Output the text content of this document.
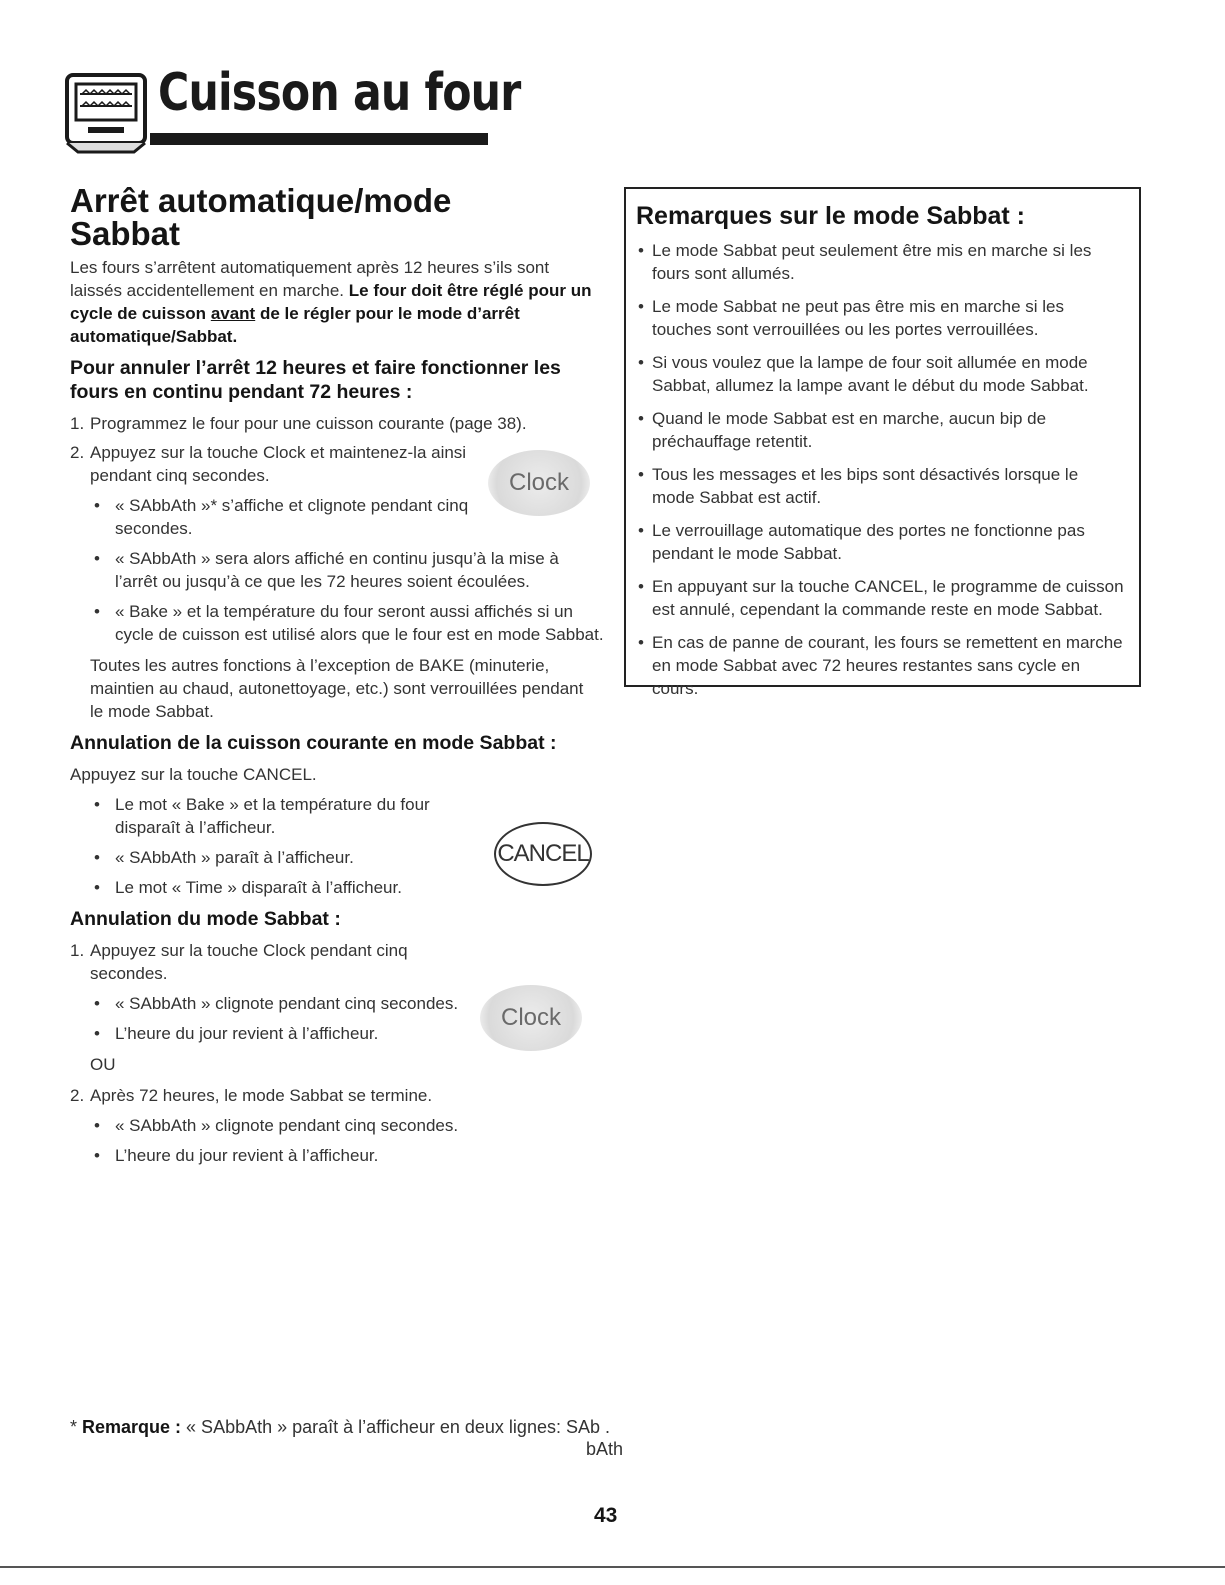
Cuisson au four
Arrêt automatique/mode Sabbat

Les fours s’arrêtent automatiquement après 12 heures s’ils sont laissés accidentellement en marche. Le four doit être réglé pour un cycle de cuisson avant de le régler pour le mode d’arrêt automatique/Sabbat.

Pour annuler l’arrêt 12 heures et faire fonctionner les fours en continu pendant 72 heures :
1. Programmez le four pour une cuisson courante (page 38).
2. Appuyez sur la touche Clock et maintenez-la ainsi pendant cinq secondes.
• « SAbbAth »* s’affiche et clignote pendant cinq secondes.
• « SAbbAth » sera alors affiché en continu jusqu’à la mise à l’arrêt ou jusqu’à ce que les 72 heures soient écoulées.
• « Bake » et la température du four seront aussi affichés si un cycle de cuisson est utilisé alors que le four est en mode Sabbat.
Toutes les autres fonctions à l’exception de BAKE (minuterie, maintien au chaud, autonettoyage, etc.) sont verrouillées pendant le mode Sabbat.
Annulation de la cuisson courante en mode Sabbat :

Appuyez sur la touche CANCEL.

• Le mot « Bake » et la température du four disparaît à l’afficheur.
• « SAbbAth » paraît à l’afficheur.
• Le mot « Time » disparaît à l’afficheur.
Annulation du mode Sabbat :
1. Appuyez sur la touche Clock pendant cinq secondes.
• « SAbbAth » clignote pendant cinq secondes.
• L’heure du jour revient à l’afficheur.
OU
2. Après 72 heures, le mode Sabbat se termine.
• « SAbbAth » clignote pendant cinq secondes.
• L’heure du jour revient à l’afficheur.
Clock
CANCEL
Clock
Remarques sur le mode Sabbat :
• Le mode Sabbat peut seulement être mis en marche si les fours sont allumés.
• Le mode Sabbat ne peut pas être mis en marche si les touches sont verrouillées ou les portes verrouillées.
• Si vous voulez que la lampe de four soit allumée en mode Sabbat, allumez la lampe avant le début du mode Sabbat.
• Quand le mode Sabbat est en marche, aucun bip de préchauffage retentit.
• Tous les messages et les bips sont désactivés lorsque le mode Sabbat est actif.
• Le verrouillage automatique des portes ne fonctionne pas pendant le mode Sabbat.
• En appuyant sur la touche CANCEL, le programme de cuisson est annulé, cependant la commande reste en mode Sabbat.
• En cas de panne de courant, les fours se remettent en marche en mode Sabbat avec 72 heures restantes sans cycle en cours.
* Remarque : « SAbbAth » paraît à l’afficheur en deux lignes: SAb .
bAth
43
